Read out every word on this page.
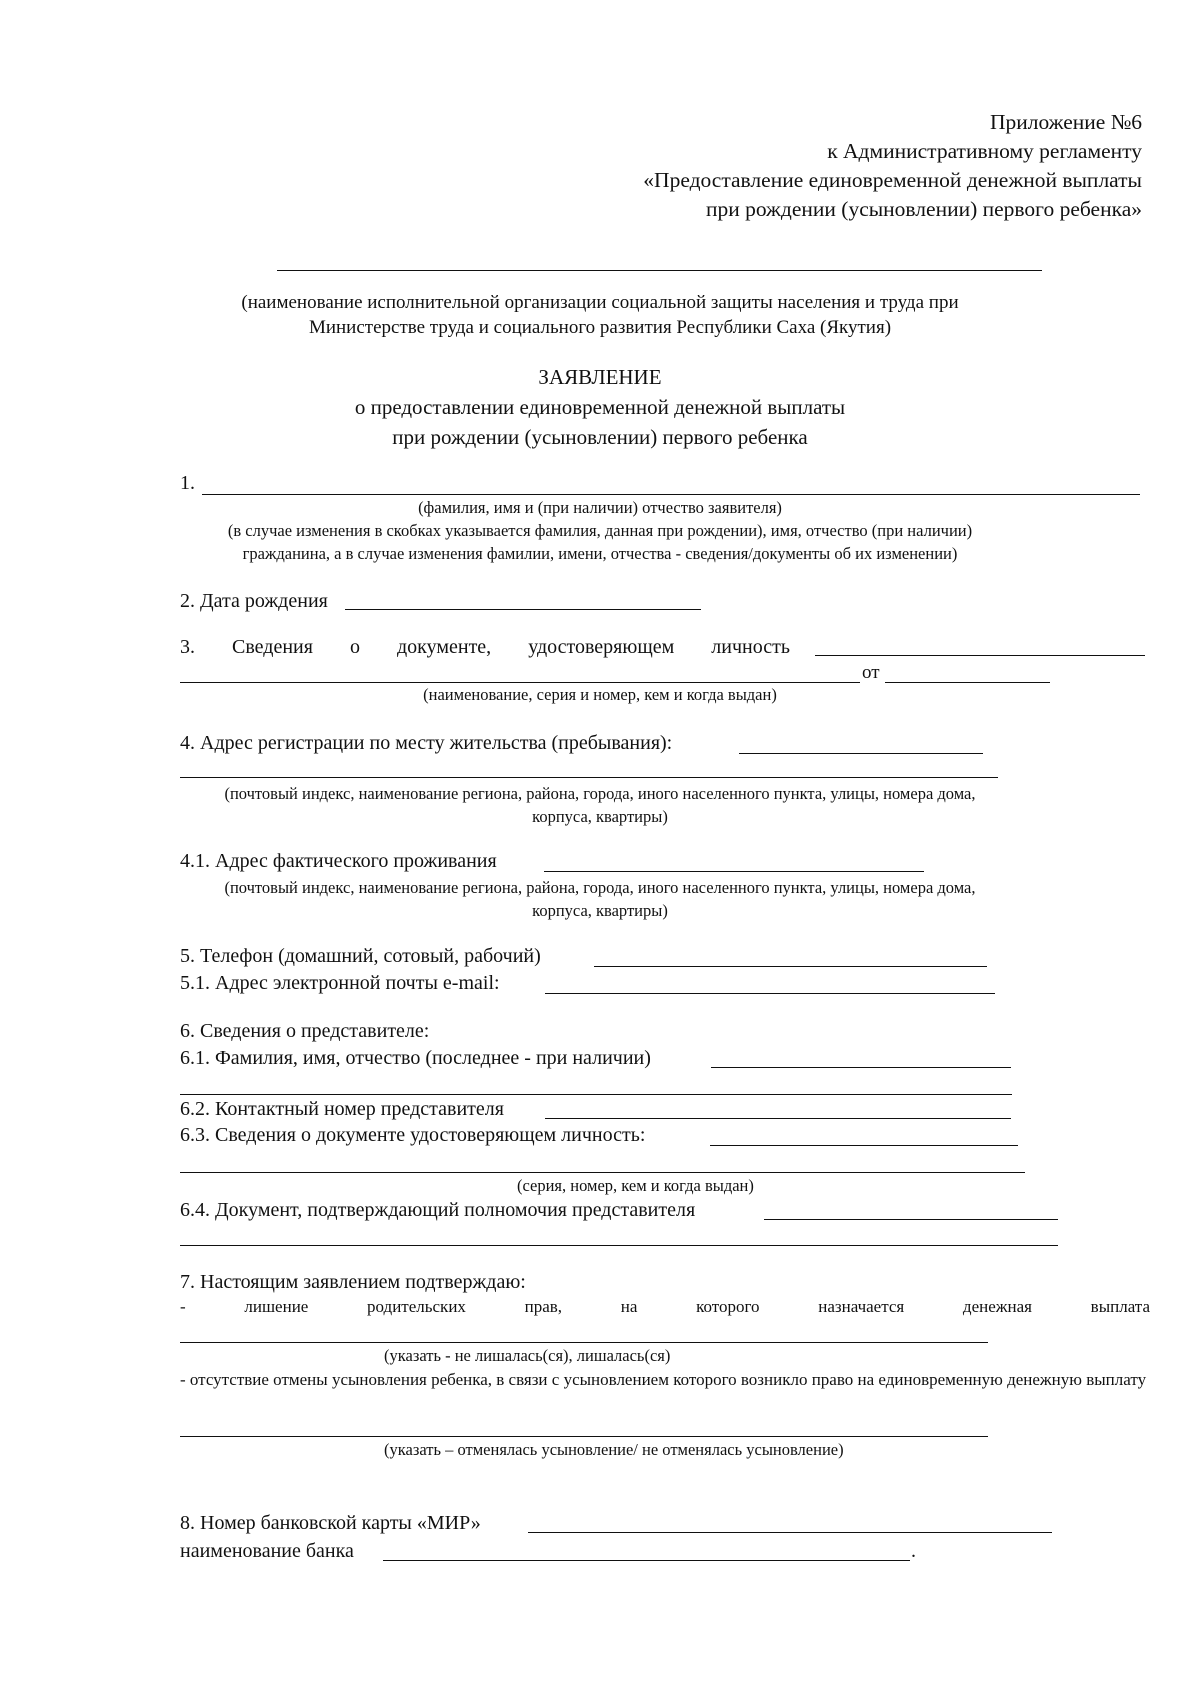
Приложение №6
к Административному регламенту
«Предоставление единовременной денежной выплаты
при рождении (усыновлении) первого ребенка»
(наименование исполнительной организации социальной защиты населения и труда при
Министерстве труда и социального развития Республики Саха (Якутия)
ЗАЯВЛЕНИЕ
о предоставлении единовременной денежной выплаты
при рождении (усыновлении) первого ребенка
1.
(фамилия, имя и (при наличии) отчество заявителя)
(в случае изменения в скобках указывается фамилия, данная при рождении), имя, отчество (при наличии)
гражданина, а в случае изменения фамилии, имени, отчества - сведения/документы об их изменении)
2. Дата рождения
3. Сведения о документе, удостоверяющем личность
от
(наименование, серия и номер, кем и когда выдан)
4. Адрес регистрации по месту жительства (пребывания):
(почтовый индекс, наименование региона, района, города, иного населенного пункта, улицы, номера дома,
корпуса, квартиры)
4.1. Адрес фактического проживания
(почтовый индекс, наименование региона, района, города, иного населенного пункта, улицы, номера дома,
корпуса, квартиры)
5. Телефон (домашний, сотовый, рабочий)
5.1. Адрес электронной почты e-mail:
6. Сведения о представителе:
6.1. Фамилия, имя, отчество (последнее - при наличии)
6.2. Контактный номер представителя
6.3. Сведения о документе удостоверяющем личность:
(серия, номер, кем и когда выдан)
6.4. Документ, подтверждающий полномочия представителя
7. Настоящим заявлением подтверждаю:
-	лишение	родительских	прав,	на	которого	назначается	денежная	выплата
(указать - не лишалась(ся), лишалась(ся)
- отсутствие отмены усыновления ребенка, в связи с усыновлением которого возникло право на единовременную денежную выплату
(указать – отменялась усыновление/ не отменялась усыновление)
8. Номер банковской карты «МИР»
наименование банка	.
